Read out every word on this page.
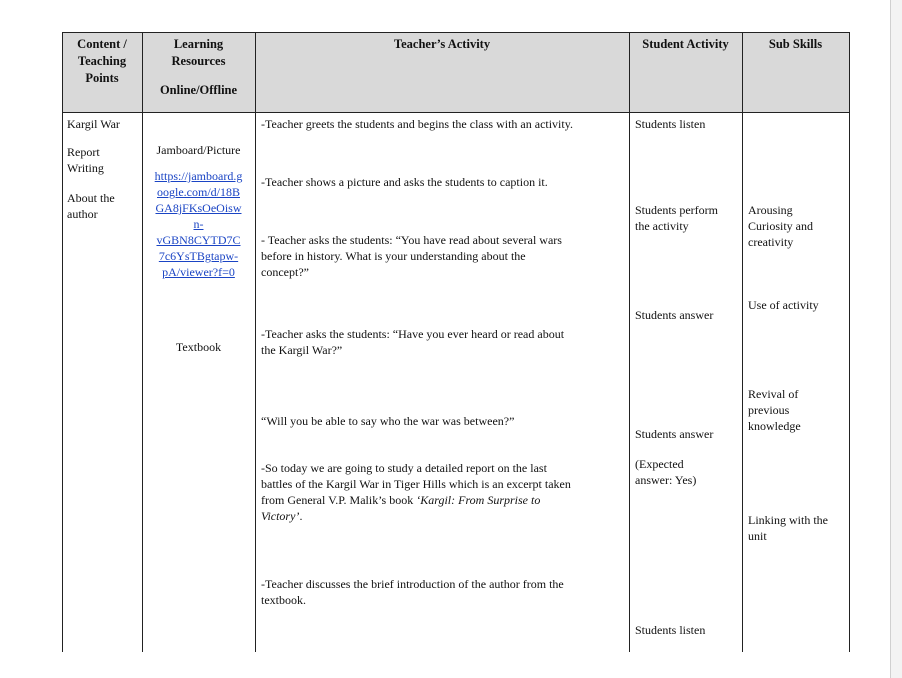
Content /
Teaching
Points
Learning
Resources
Online/Offline
Teacher’s Activity	Student Activity	Sub Skills
Kargil War
Report
Writing
About the
author
Jamboard/Picture
https://jamboard.g
oogle.com/d/18B
GA8jFKsOeOisw
n-
vGBN8CYTD7C
7c6YsTBgtapw-
pA/viewer?f=0
Textbook
-Teacher greets the students and begins the class with an activity.
-Teacher shows a picture and asks the students to caption it.
- Teacher asks the students: “You have read about several wars
before in history. What is your understanding about the
concept?”
-Teacher asks the students: “Have you ever heard or read about
the Kargil War?”
“Will you be able to say who the war was between?”
-So today we are going to study a detailed report on the last
battles of the Kargil War in Tiger Hills which is an excerpt taken
from General V.P. Malik’s book ‘Kargil: From Surprise to
Victory’.
-Teacher discusses the brief introduction of the author from the
textbook.
Students listen
Students perform
the activity
Students answer
Students answer
(Expected
answer: Yes)
Students listen
Arousing
Curiosity and
creativity
Use of activity
Revival of
previous
knowledge
Linking with the
unit
